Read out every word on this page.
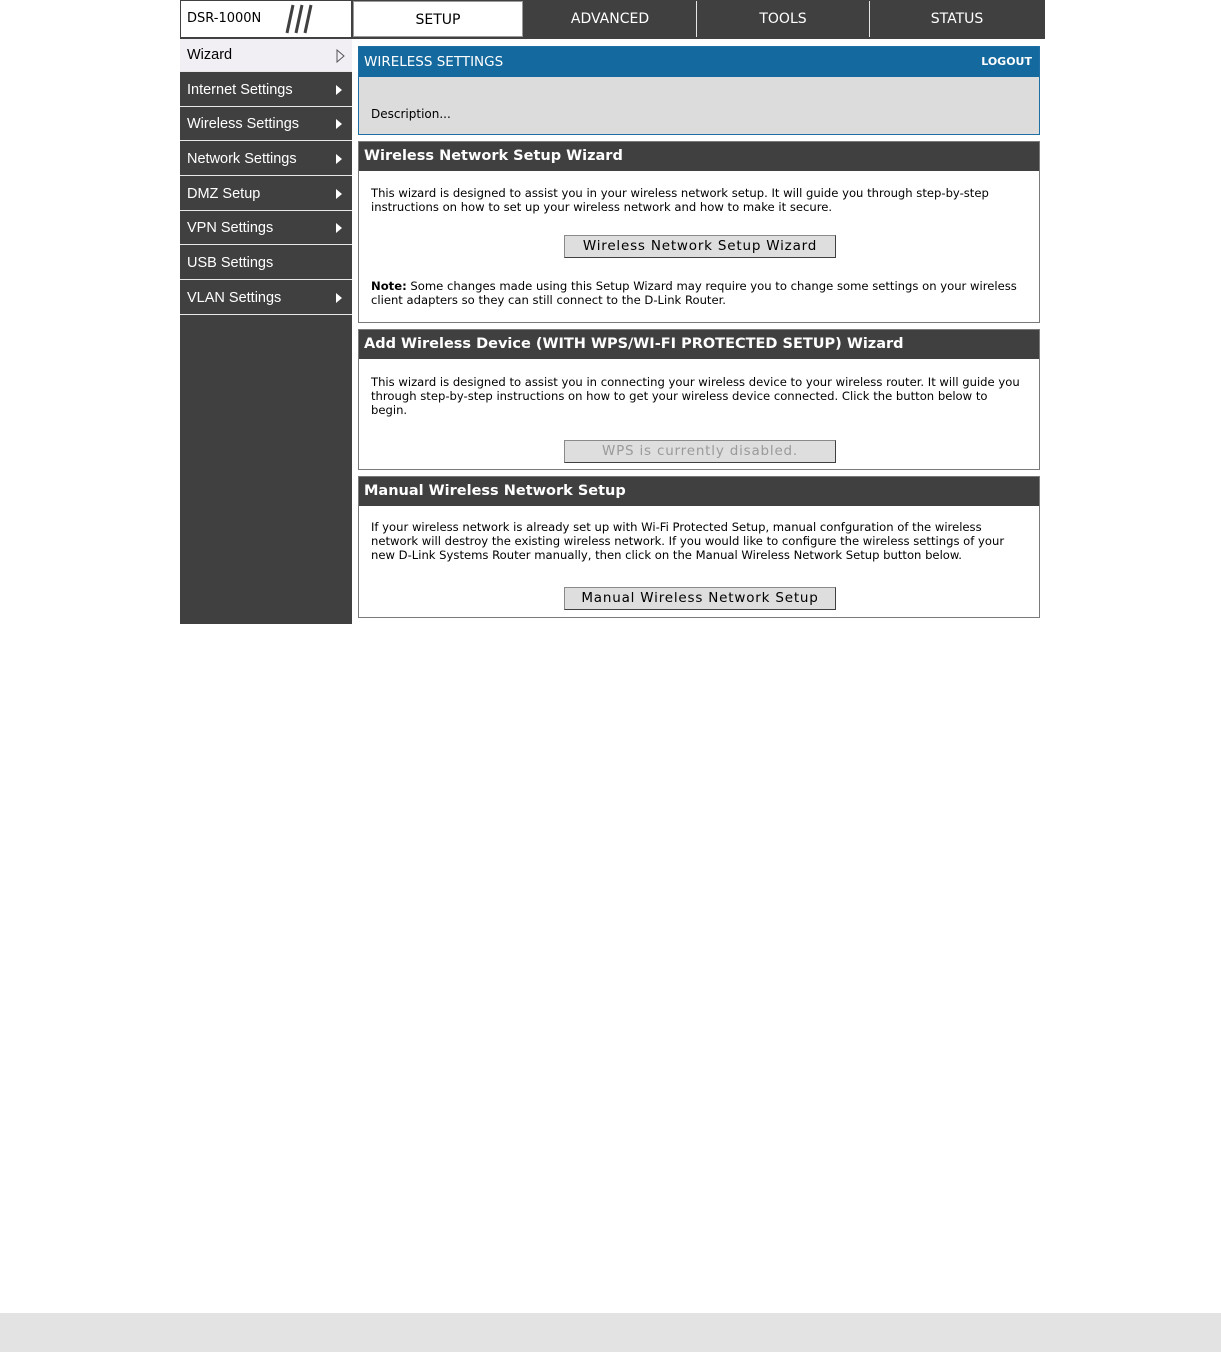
DSR-1000N	SETUP	ADVANCED	TOOLS	STATUS
Wizard
Internet Settings
Wireless Settings
Network Settings
DMZ Setup
VPN Settings
USB Settings
VLAN Settings
WIRELESS SETTINGS	LOGOUT
Description...
Wireless Network Setup Wizard

This wizard is designed to assist you in your wireless network setup. It will guide you through step-by-step instructions on how to set up your wireless network and how to make it secure.

Wireless Network Setup Wizard

Note: Some changes made using this Setup Wizard may require you to change some settings on your wireless client adapters so they can still connect to the D-Link Router.

Add Wireless Device (WITH WPS/WI-FI PROTECTED SETUP) Wizard

This wizard is designed to assist you in connecting your wireless device to your wireless router. It will guide you through step-by-step instructions on how to get your wireless device connected. Click the button below to begin.

WPS is currently disabled.
Manual Wireless Network Setup

If your wireless network is already set up with Wi-Fi Protected Setup, manual confguration of the wireless network will destroy the existing wireless network. If you would like to configure the wireless settings of your new D-Link Systems Router manually, then click on the Manual Wireless Network Setup button below.

Manual Wireless Network Setup
